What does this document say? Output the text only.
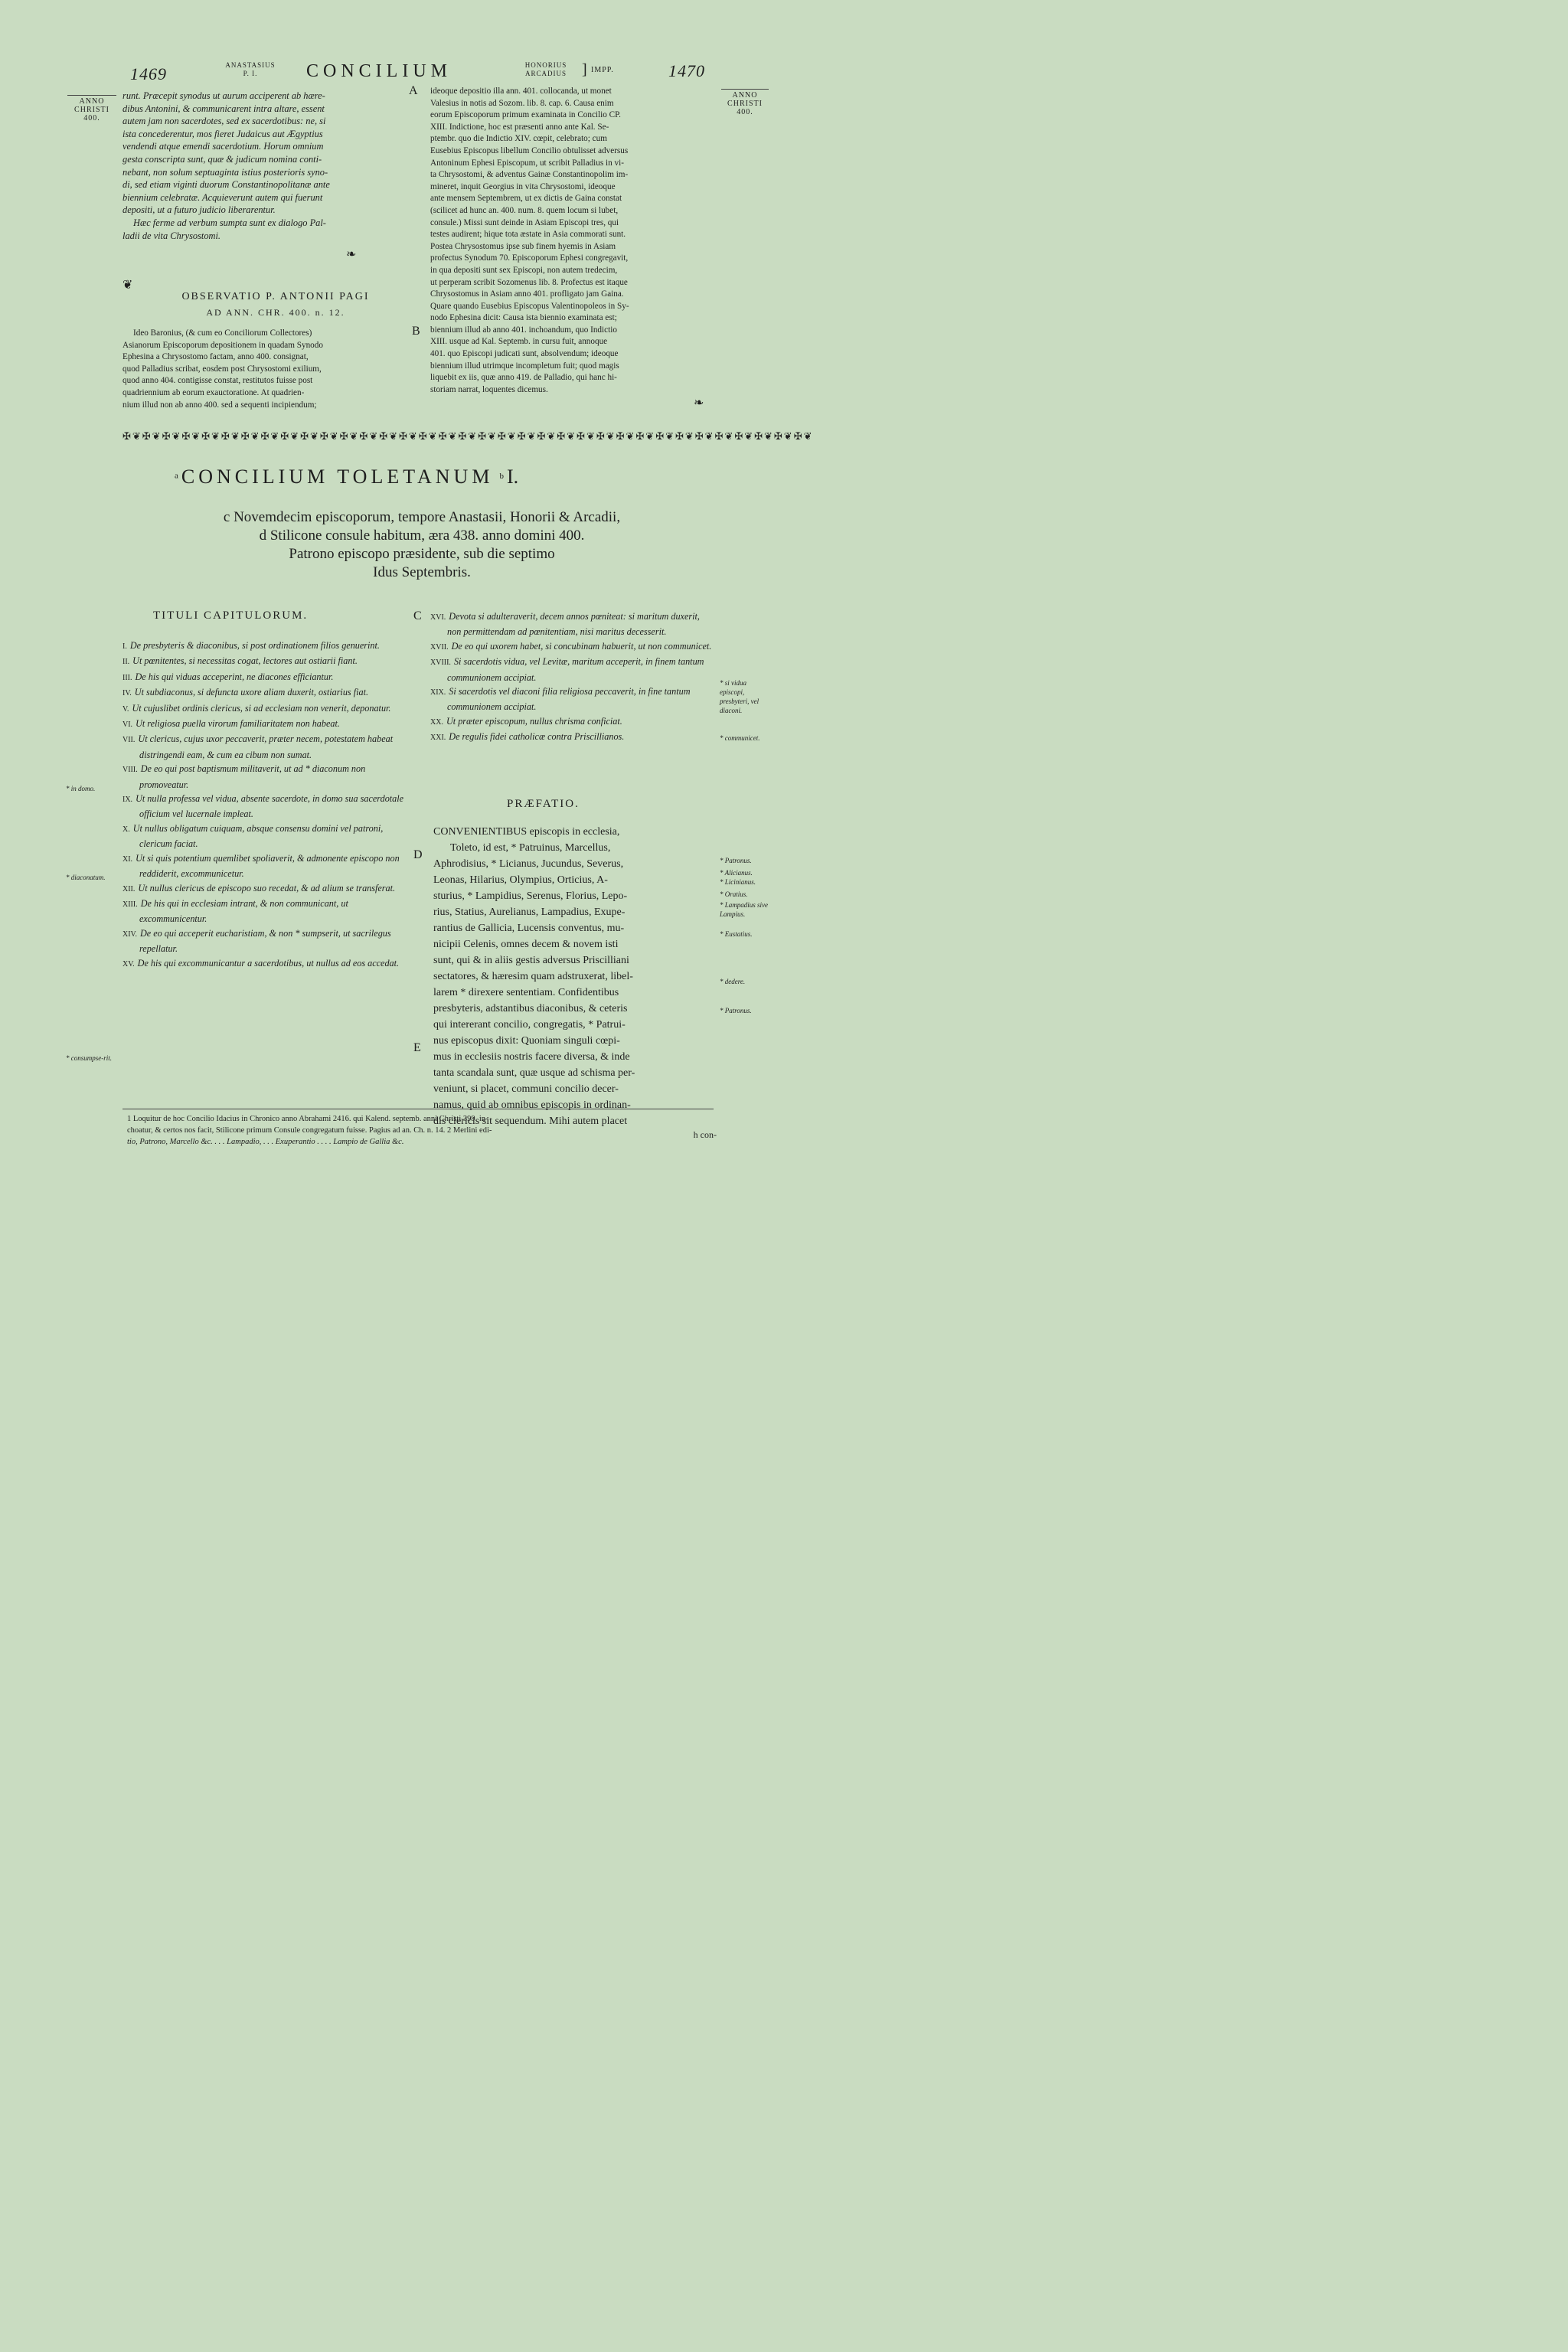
1469	ANASTASIUS
P. I.	CONCILIUM	HONORIUS
ARCADIUS	] IMPP.	1470
ANNO
CHRISTI
400.
ANNO
CHRISTI
400.
runt. Præcepit synodus ut aurum acciperent ab hære-
dibus Antonini, & communicarent intra altare, essent
autem jam non sacerdotes, sed ex sacerdotibus: ne, si
ista concederentur, mos fieret Judaicus aut Ægyptius
vendendi atque emendi sacerdotium. Horum omnium
gesta conscripta sunt, quæ & judicum nomina conti-
nebant, non solum septuaginta istius posterioris syno-
di, sed etiam viginti duorum Constantinopolitanæ ante
biennium celebratæ. Acquieverunt autem qui fuerunt
depositi, ut a futuro judicio liberarentur.
Hæc ferme ad verbum sumpta sunt ex dialogo Pal-
ladii de vita Chrysostomi.
❧
❦
OBSERVATIO P. ANTONII PAGI
AD ANN. CHR. 400. n. 12.
Ideo Baronius, (& cum eo Conciliorum Collectores)
Asianorum Episcoporum depositionem in quadam Synodo
Ephesina a Chrysostomo factam, anno 400. consignat,
quod Palladius scribat, eosdem post Chrysostomi exilium,
quod anno 404. contigisse constat, restitutos fuisse post
quadriennium ab eorum exauctoratione. At quadrien-
nium illud non ab anno 400. sed a sequenti incipiendum;
A
B
ideoque depositio illa ann. 401. collocanda, ut monet
Valesius in notis ad Sozom. lib. 8. cap. 6. Causa enim
eorum Episcoporum primum examinata in Concilio CP.
XIII. Indictione, hoc est præsenti anno ante Kal. Se-
ptembr. quo die Indictio XIV. cœpit, celebrato; cum
Eusebius Episcopus libellum Concilio obtulisset adversus
Antoninum Ephesi Episcopum, ut scribit Palladius in vi-
ta Chrysostomi, & adventus Gainæ Constantinopolim im-
mineret, inquit Georgius in vita Chrysostomi, ideoque
ante mensem Septembrem, ut ex dictis de Gaina constat
(scilicet ad hunc an. 400. num. 8. quem locum si lubet,
consule.) Missi sunt deinde in Asiam Episcopi tres, qui
testes audirent; hique tota æstate in Asia commorati sunt.
Postea Chrysostomus ipse sub finem hyemis in Asiam
profectus Synodum 70. Episcoporum Ephesi congregavit,
in qua depositi sunt sex Episcopi, non autem tredecim,
ut perperam scribit Sozomenus lib. 8. Profectus est itaque
Chrysostomus in Asiam anno 401. profligato jam Gaina.
Quare quando Eusebius Episcopus Valentinopoleos in Sy-
nodo Ephesina dicit: Causa ista biennio examinata est;
biennium illud ab anno 401. inchoandum, quo Indictio
XIII. usque ad Kal. Septemb. in cursu fuit, annoque
401. quo Episcopi judicati sunt, absolvendum; ideoque
biennium illud utrimque incompletum fuit; quod magis
liquebit ex iis, quæ anno 419. de Palladio, qui hanc hi-
storiam narrat, loquentes dicemus.
❧
✠❦✠❦✠❦✠❦✠❦✠❦✠❦✠❦✠❦✠❦✠❦✠❦✠❦✠❦✠❦✠❦✠❦✠❦✠❦✠❦✠❦✠❦✠❦✠❦✠❦✠❦✠❦✠❦✠❦✠❦✠❦✠❦✠❦✠❦✠❦
$^a$ CONCILIUM TOLETANUM $^b$ I.
c Novemdecim episcoporum, tempore Anastasii, Honorii & Arcadii,
d Stilicone consule habitum, æra 438. anno domini 400.
Patrono episcopo præsidente, sub die septimo
Idus Septembris.
TITULI CAPITULORUM.	C
I. De presbyteris & diaconibus, si post ordinationem filios genuerint.
II. Ut pœnitentes, si necessitas cogat, lectores aut ostiarii fiant.
III. De his qui viduas acceperint, ne diacones efficiantur.
IV. Ut subdiaconus, si defuncta uxore aliam duxerit, ostiarius fiat.
V. Ut cujuslibet ordinis clericus, si ad ecclesiam non venerit, deponatur.
VI. Ut religiosa puella virorum familiaritatem non habeat.
VII. Ut clericus, cujus uxor peccaverit, præter necem, potestatem habeat distringendi eam, & cum ea cibum non sumat.
VIII. De eo qui post baptismum militaverit, ut ad * diaconum non promoveatur.
IX. Ut nulla professa vel vidua, absente sacerdote, in domo sua sacerdotale officium vel lucernale impleat.
X. Ut nullus obligatum cuiquam, absque consensu domini vel patroni, clericum faciat.
XI. Ut si quis potentium quemlibet spoliaverit, & admonente episcopo non reddiderit, excommunicetur.
XII. Ut nullus clericus de episcopo suo recedat, & ad alium se transferat.
XIII. De his qui in ecclesiam intrant, & non communicant, ut excommunicentur.
XIV. De eo qui acceperit eucharistiam, & non * sumpserit, ut sacrilegus repellatur.
XV. De his qui excommunicantur a sacerdotibus, ut nullus ad eos accedat.
XVI. Devota si adulteraverit, decem annos pœniteat: si maritum duxerit, non permittendam ad pœnitentiam, nisi maritus decesserit.
XVII. De eo qui uxorem habet, si concubinam habuerit, ut non communicet.
XVIII. Si sacerdotis vidua, vel Levitæ, maritum acceperit, in finem tantum communionem accipiat.
XIX. Si sacerdotis vel diaconi filia religiosa peccaverit, in fine tantum communionem accipiat.
XX. Ut præter episcopum, nullus chrisma conficiat.
XXI. De regulis fidei catholicæ contra Priscillianos.
PRÆFATIO.
D
E
CONVENIENTIBUS episcopis in ecclesia,
Toleto, id est, * Patruinus, Marcellus,
Aphrodisius, * Licianus, Jucundus, Severus,
Leonas, Hilarius, Olympius, Orticius, A-
sturius, * Lampidius, Serenus, Florius, Lepo-
rius, Statius, Aurelianus, Lampadius, Exupe-
rantius de Gallicia, Lucensis conventus, mu-
nicipii Celenis, omnes decem & novem isti
sunt, qui & in aliis gestis adversus Priscilliani
sectatores, & hæresim quam adstruxerat, libel-
larem * direxere sententiam. Confidentibus
presbyteris, adstantibus diaconibus, & ceteris
qui intererant concilio, congregatis, * Patrui-
nus episcopus dixit: Quoniam singuli cœpi-
mus in ecclesiis nostris facere diversa, & inde
tanta scandala sunt, quæ usque ad schisma per-
veniunt, si placet, communi concilio decer-
namus, quid ab omnibus episcopis in ordinan-
dis clericis sit sequendum. Mihi autem placet
h con-
* in domo.
* diaconatum.
* consumpse-rit.
* si vidua episcopi, presbyteri, vel diaconi.
* communicet.
* Patronus.
* Alicianus.
* Licinianus.
* Oratius.
* Lampadius sive Lampius.
* Eustatius.
* dedere.
* Patronus.
1 Loquitur de hoc Concilio Idacius in Chronico anno Abrahami 2416. qui Kalend. septemb. anni Christi 399. in-
choatur, & certos nos facit, Stilicone primum Consule congregatum fuisse. Pagius ad an. Ch. n. 14. 2 Merlini edi-
tio, Patrono, Marcello &c. . . . Lampadio, . . . Exuperantio . . . . Lampio de Gallia &c.
